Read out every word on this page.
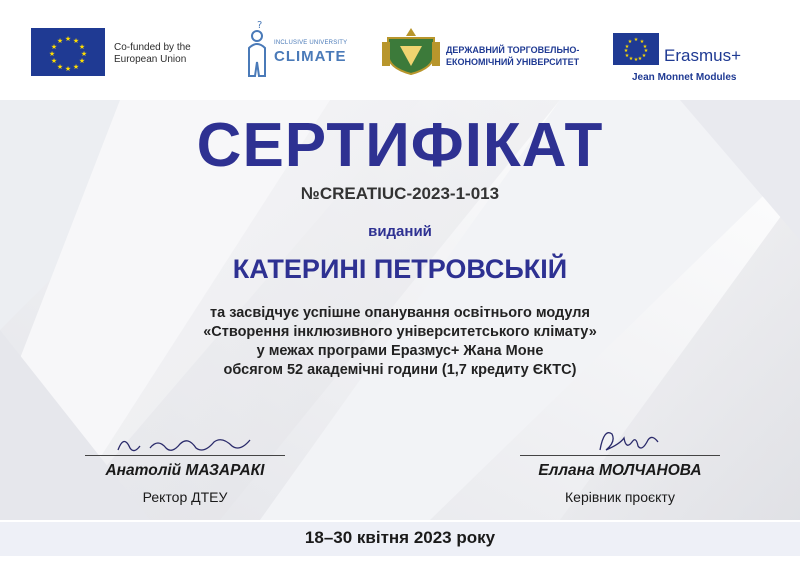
★ ★
★
★
★
★
★
★
★
★
★
★
Co-funded by the
European Union
?
INCLUSIVE UNIVERSITY
CLIMATE	ДЕРЖАВНИЙ ТОРГОВЕЛЬНО-
ЕКОНОМІЧНИЙ УНІВЕРСИТЕТ
★ ★
★
★
★
★
★
★
★
★
★
★
Erasmus+
Jean Monnet Modules
СЕРТИФІКАТ
№CREATIUC-2023-1-013
виданий
КАТЕРИНІ ПЕТРОВСЬКІЙ
та засвідчує успішне опанування освітнього модуля
«Створення інклюзивного університетського клімату»
у межах програми Еразмус+ Жана Моне
обсягом 52 академічні години (1,7 кредиту ЄКТС)
Анатолій МАЗАРАКІ
Ректор ДТЕУ
Еллана МОЛЧАНОВА
Керівник проєкту
18–30 квітня 2023 року
